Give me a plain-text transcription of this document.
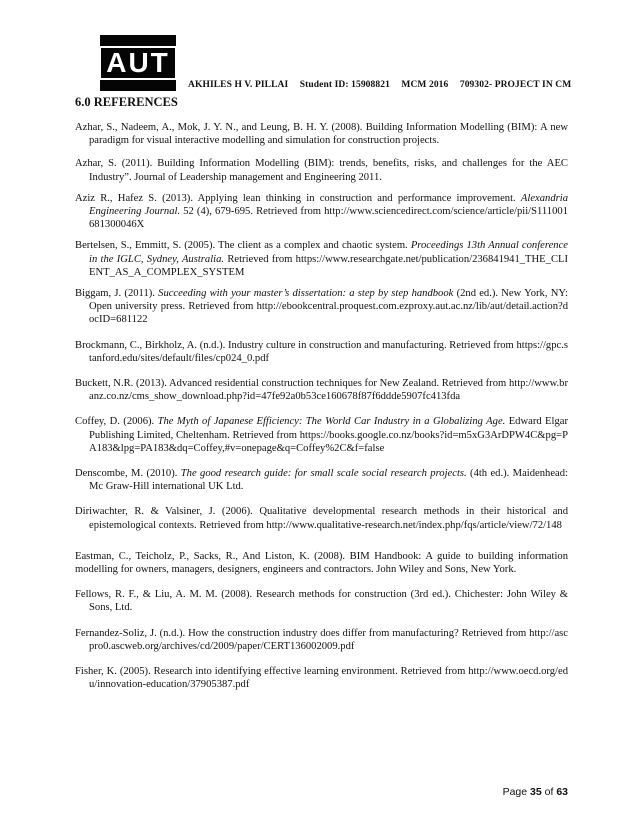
AUT
AKHILES H V. PILLAI Student ID: 15908821 MCM 2016 709302- PROJECT IN CM
6.0 REFERENCES

Azhar, S., Nadeem, A., Mok, J. Y. N., and Leung, B. H. Y. (2008). Building Information Modelling (BIM): A new paradigm for visual interactive modelling and simulation for construction projects.

Azhar, S. (2011). Building Information Modelling (BIM): trends, benefits, risks, and challenges for the AEC Industry”. Journal of Leadership management and Engineering 2011.

Aziz R., Hafez S. (2013). Applying lean thinking in construction and performance improvement. Alexandria Engineering Journal. 52 (4), 679-695. Retrieved from http://www.sciencedirect.com/science/article/pii/S111001681300046X

Bertelsen, S., Emmitt, S. (2005). The client as a complex and chaotic system. Proceedings 13th Annual conference in the IGLC, Sydney, Australia. Retrieved from https://www.researchgate.net/publication/236841941_THE_CLIENT_AS_A_COMPLEX_SYSTEM

Biggam, J. (2011). Succeeding with your master’s dissertation: a step by step handbook (2nd ed.). New York, NY: Open university press. Retrieved from http://ebookcentral.proquest.com.ezproxy.aut.ac.nz/lib/aut/detail.action?docID=681122

Brockmann, C., Birkholz, A. (n.d.). Industry culture in construction and manufacturing. Retrieved from https://gpc.stanford.edu/sites/default/files/cp024_0.pdf

Buckett, N.R. (2013). Advanced residential construction techniques for New Zealand. Retrieved from http://www.branz.co.nz/cms_show_download.php?id=47fe92a0b53ce160678f87f6ddde5907fc413fda

Coffey, D. (2006). The Myth of Japanese Efficiency: The World Car Industry in a Globalizing Age. Edward Elgar Publishing Limited, Cheltenham. Retrieved from https://books.google.co.nz/books?id=m5xG3ArDPW4C&pg=PA183&lpg=PA183&dq=Coffey,#v=onepage&q=Coffey%2C&f=false

Denscombe, M. (2010). The good research guide: for small scale social research projects. (4th ed.). Maidenhead: Mc Graw-Hill international UK Ltd.

Diriwachter, R. & Valsiner, J. (2006). Qualitative developmental research methods in their historical and epistemological contexts. Retrieved from http://www.qualitative-research.net/index.php/fqs/article/view/72/148

Eastman, C., Teicholz, P., Sacks, R., And Liston, K. (2008). BIM Handbook: A guide to building information modelling for owners, managers, designers, engineers and contractors. John Wiley and Sons, New York.

Fellows, R. F., & Liu, A. M. M. (2008). Research methods for construction (3rd ed.). Chichester: John Wiley & Sons, Ltd.

Fernandez-Soliz, J. (n.d.). How the construction industry does differ from manufacturing? Retrieved from http://ascpro0.ascweb.org/archives/cd/2009/paper/CERT136002009.pdf

Fisher, K. (2005). Research into identifying effective learning environment. Retrieved from http://www.oecd.org/edu/innovation-education/37905387.pdf

Page 35 of 63
